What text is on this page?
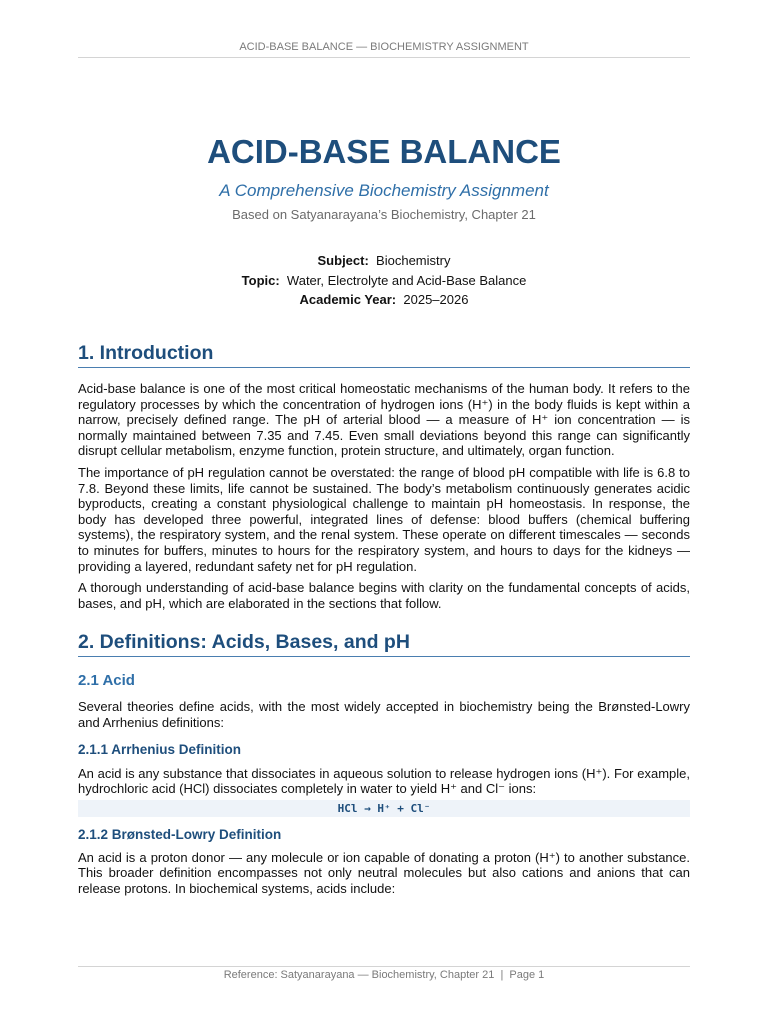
ACID-BASE BALANCE — BIOCHEMISTRY ASSIGNMENT
ACID-BASE BALANCE
A Comprehensive Biochemistry Assignment
Based on Satyanarayana’s Biochemistry, Chapter 21
Subject: Biochemistry
Topic: Water, Electrolyte and Acid-Base Balance
Academic Year: 2025–2026
1. Introduction

Acid-base balance is one of the most critical homeostatic mechanisms of the human body. It refers to the regulatory processes by which the concentration of hydrogen ions (H⁺) in the body fluids is kept within a narrow, precisely defined range. The pH of arterial blood — a measure of H⁺ ion concentration — is normally maintained between 7.35 and 7.45. Even small deviations beyond this range can significantly disrupt cellular metabolism, enzyme function, protein structure, and ultimately, organ function.

The importance of pH regulation cannot be overstated: the range of blood pH compatible with life is 6.8 to 7.8. Beyond these limits, life cannot be sustained. The body’s metabolism continuously generates acidic byproducts, creating a constant physiological challenge to maintain pH homeostasis. In response, the body has developed three powerful, integrated lines of defense: blood buffers (chemical buffering systems), the respiratory system, and the renal system. These operate on different timescales — seconds to minutes for buffers, minutes to hours for the respiratory system, and hours to days for the kidneys — providing a layered, redundant safety net for pH regulation.

A thorough understanding of acid-base balance begins with clarity on the fundamental concepts of acids, bases, and pH, which are elaborated in the sections that follow.

2. Definitions: Acids, Bases, and pH
2.1 Acid

Several theories define acids, with the most widely accepted in biochemistry being the Brønsted-Lowry and Arrhenius definitions:

2.1.1 Arrhenius Definition

An acid is any substance that dissociates in aqueous solution to release hydrogen ions (H⁺). For example, hydrochloric acid (HCl) dissociates completely in water to yield H⁺ and Cl⁻ ions:

HCl → H⁺ + Cl⁻
2.1.2 Brønsted-Lowry Definition

An acid is a proton donor — any molecule or ion capable of donating a proton (H⁺) to another substance. This broader definition encompasses not only neutral molecules but also cations and anions that can release protons. In biochemical systems, acids include:

Reference: Satyanarayana — Biochemistry, Chapter 21  |  Page 1
